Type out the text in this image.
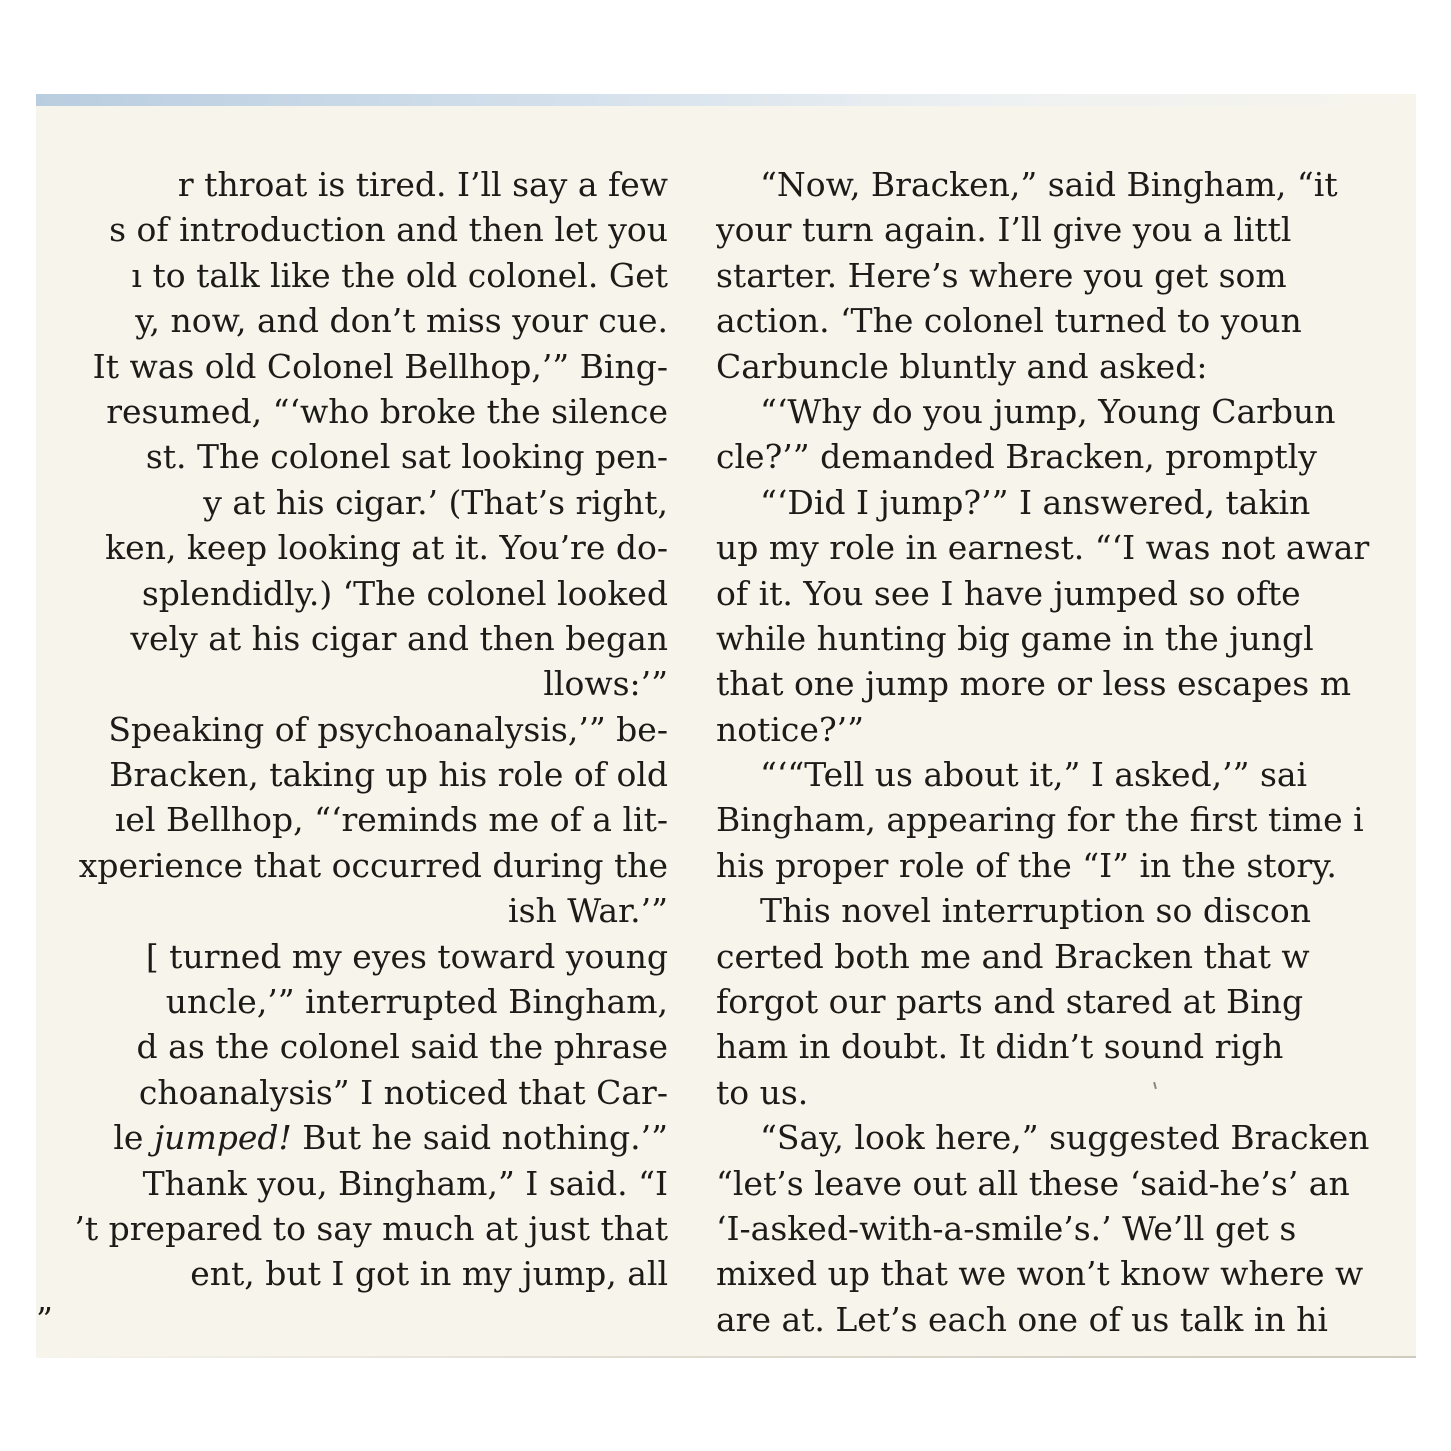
r throat is tired. I’ll say a few
s of introduction and then let you
ı to talk like the old colonel. Get
y, now, and don’t miss your cue.
It was old Colonel Bellhop,’” Bing-
resumed, “‘who broke the silence
st. The colonel sat looking pen-
y at his cigar.’ (That’s right,
ken, keep looking at it. You’re do-
splendidly.) ‘The colonel looked
vely at his cigar and then began
llows:’”
Speaking of psychoanalysis,’” be-
Bracken, taking up his role of old
ıel Bellhop, “‘reminds me of a lit-
xperience that occurred during the
ish War.’”
[ turned my eyes toward young
uncle,’” interrupted Bingham,
d as the colonel said the phrase
choanalysis” I noticed that Car-
le jumped! But he said nothing.’”
Thank you, Bingham,” I said. “I
’t prepared to say much at just that
ent, but I got in my jump, all
”
“Now, Bracken,” said Bingham, “it
your turn again. I’ll give you a littl
starter. Here’s where you get som
action. ‘The colonel turned to youn
Carbuncle bluntly and asked:
“‘Why do you jump, Young Carbun
cle?’” demanded Bracken, promptly
“‘Did I jump?’” I answered, takin
up my role in earnest. “‘I was not awar
of it. You see I have jumped so ofte
while hunting big game in the jungl
that one jump more or less escapes m
notice?’”
“‘“Tell us about it,” I asked,’” sai
Bingham, appearing for the first time i
his proper role of the “I” in the story.
This novel interruption so discon
certed both me and Bracken that w
forgot our parts and stared at Bing
ham in doubt. It didn’t sound righ
to us.
“Say, look here,” suggested Bracken
“let’s leave out all these ‘said-he’s’ an
‘I-asked-with-a-smile’s.’ We’ll get s
mixed up that we won’t know where w
are at. Let’s each one of us talk in hi
